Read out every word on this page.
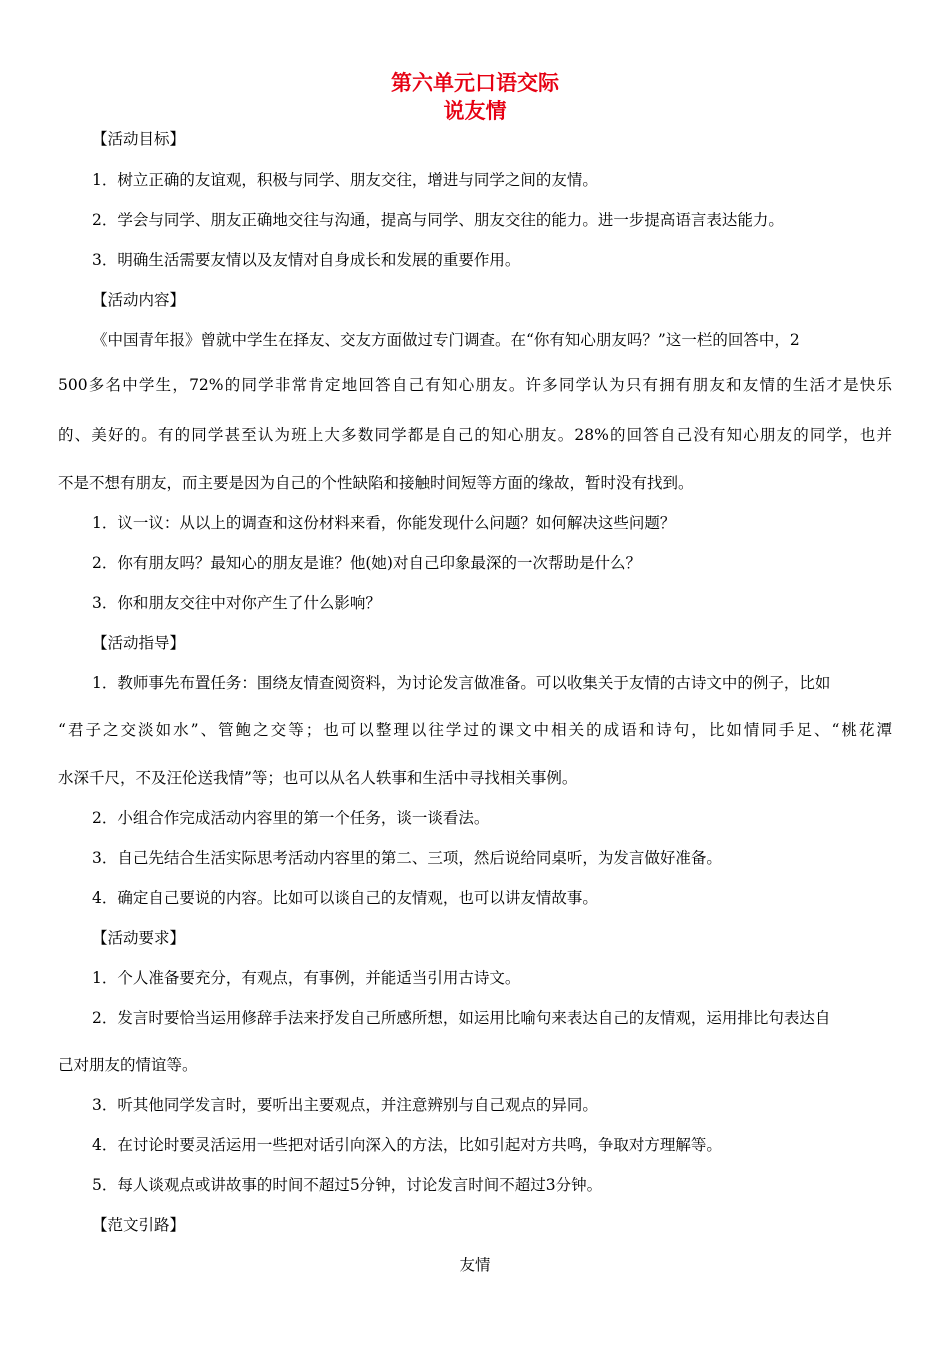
第六单元口语交际
说友情
【活动目标】
1．树立正确的友谊观，积极与同学、朋友交往，增进与同学之间的友情。
2．学会与同学、朋友正确地交往与沟通，提高与同学、朋友交往的能力。进一步提高语言表达能力。
3．明确生活需要友情以及友情对自身成长和发展的重要作用。
【活动内容】
《中国青年报》曾就中学生在择友、交友方面做过专门调查。在“你有知心朋友吗？”这一栏的回答中，2
500多名中学生，72%的同学非常肯定地回答自己有知心朋友。许多同学认为只有拥有朋友和友情的生活才是快乐
的、美好的。有的同学甚至认为班上大多数同学都是自己的知心朋友。28%的回答自己没有知心朋友的同学，也并
不是不想有朋友，而主要是因为自己的个性缺陷和接触时间短等方面的缘故，暂时没有找到。
1．议一议：从以上的调查和这份材料来看，你能发现什么问题？如何解决这些问题？
2．你有朋友吗？最知心的朋友是谁？他(她)对自己印象最深的一次帮助是什么？
3．你和朋友交往中对你产生了什么影响？
【活动指导】
1．教师事先布置任务：围绕友情查阅资料，为讨论发言做准备。可以收集关于友情的古诗文中的例子，比如
“君子之交淡如水”、管鲍之交等；也可以整理以往学过的课文中相关的成语和诗句，比如情同手足、“桃花潭
水深千尺，不及汪伦送我情”等；也可以从名人轶事和生活中寻找相关事例。
2．小组合作完成活动内容里的第一个任务，谈一谈看法。
3．自己先结合生活实际思考活动内容里的第二、三项，然后说给同桌听，为发言做好准备。
4．确定自己要说的内容。比如可以谈自己的友情观，也可以讲友情故事。
【活动要求】
1．个人准备要充分，有观点，有事例，并能适当引用古诗文。
2．发言时要恰当运用修辞手法来抒发自己所感所想，如运用比喻句来表达自己的友情观，运用排比句表达自
己对朋友的情谊等。
3．听其他同学发言时，要听出主要观点，并注意辨别与自己观点的异同。
4．在讨论时要灵活运用一些把对话引向深入的方法，比如引起对方共鸣，争取对方理解等。
5．每人谈观点或讲故事的时间不超过5分钟，讨论发言时间不超过3分钟。
【范文引路】
友情
